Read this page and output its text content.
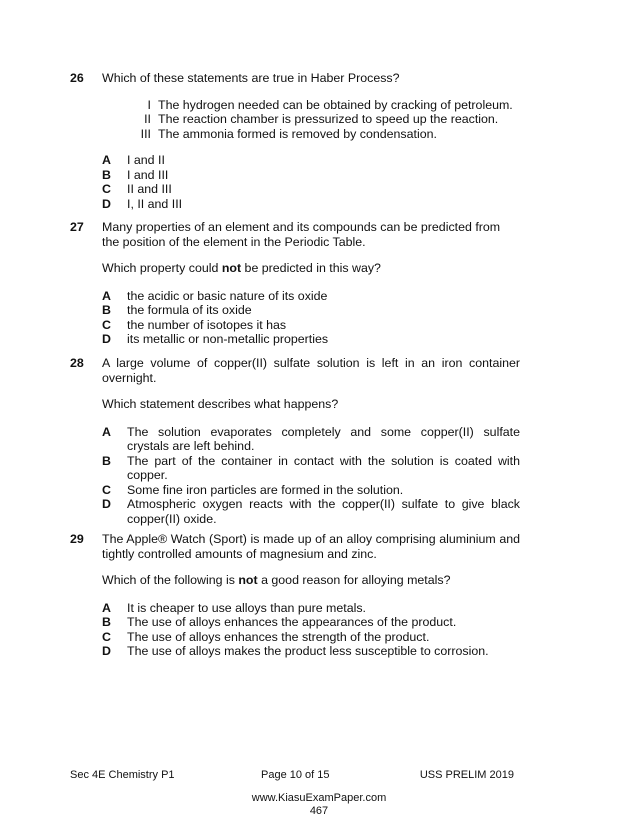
26 Which of these statements are true in Haber Process?

I The hydrogen needed can be obtained by cracking of petroleum.
II The reaction chamber is pressurized to speed up the reaction.
III The ammonia formed is removed by condensation.
A	I and II
B	I and III
C	II and III
D	I, II and III
27 Many properties of an element and its compounds can be predicted from the position of the element in the Periodic Table.

Which property could not be predicted in this way?

A	the acidic or basic nature of its oxide
B	the formula of its oxide
C	the number of isotopes it has
D	its metallic or non-metallic properties
28 A large volume of copper(II) sulfate solution is left in an iron container overnight.

Which statement describes what happens?

A	The solution evaporates completely and some copper(II) sulfate crystals are left behind.
B	The part of the container in contact with the solution is coated with copper.
C	Some fine iron particles are formed in the solution.
D	Atmospheric oxygen reacts with the copper(II) sulfate to give black copper(II) oxide.
29 The Apple® Watch (Sport) is made up of an alloy comprising aluminium and tightly controlled amounts of magnesium and zinc.

Which of the following is not a good reason for alloying metals?

A	It is cheaper to use alloys than pure metals.
B	The use of alloys enhances the appearances of the product.
C	The use of alloys enhances the strength of the product.
D	The use of alloys makes the product less susceptible to corrosion.
Sec 4E Chemistry P1	Page 10 of 15	USS PRELIM 2019
www.KiasuExamPaper.com
467
